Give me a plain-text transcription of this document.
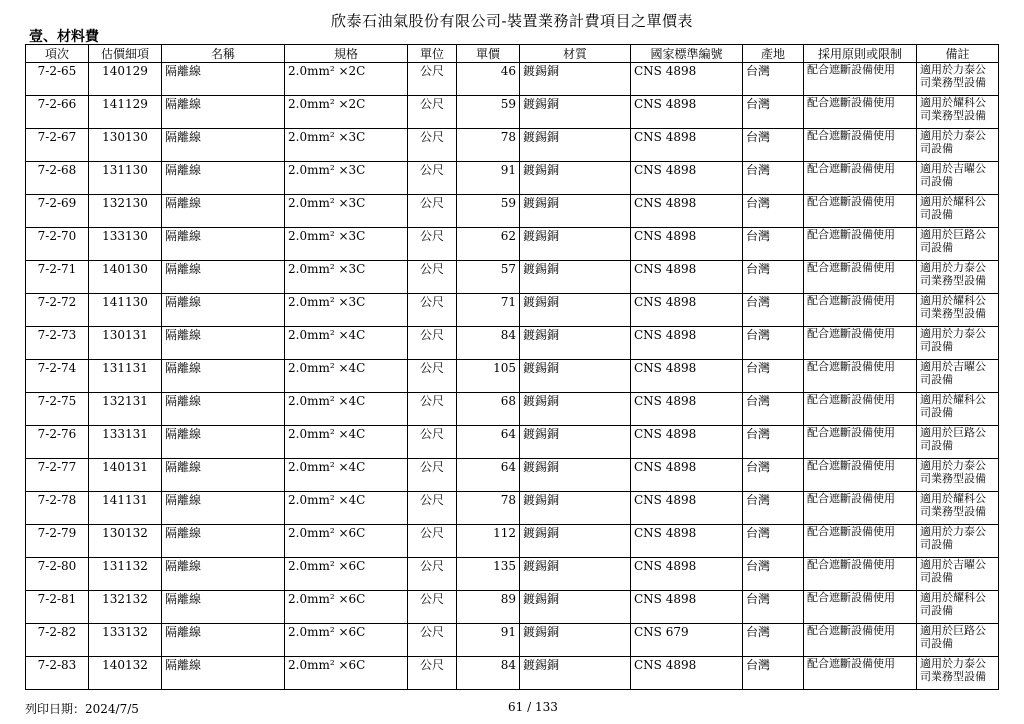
欣泰石油氣股份有限公司-裝置業務計費項目之單價表
壹、材料費
項次	估價細項	名稱	規格	單位	單價	材質	國家標準編號	產地	採用原則或限制	備註
7-2-65	140129	隔離線	2.0mm² ×2C	公尺	46	鍍錫銅	CNS 4898	台灣	配合遮斷設備使用	適用於力泰公司業務型設備
7-2-66	141129	隔離線	2.0mm² ×2C	公尺	59	鍍錫銅	CNS 4898	台灣	配合遮斷設備使用	適用於耀科公司業務型設備
7-2-67	130130	隔離線	2.0mm² ×3C	公尺	78	鍍錫銅	CNS 4898	台灣	配合遮斷設備使用	適用於力泰公司設備
7-2-68	131130	隔離線	2.0mm² ×3C	公尺	91	鍍錫銅	CNS 4898	台灣	配合遮斷設備使用	適用於吉曜公司設備
7-2-69	132130	隔離線	2.0mm² ×3C	公尺	59	鍍錫銅	CNS 4898	台灣	配合遮斷設備使用	適用於耀科公司設備
7-2-70	133130	隔離線	2.0mm² ×3C	公尺	62	鍍錫銅	CNS 4898	台灣	配合遮斷設備使用	適用於巨路公司設備
7-2-71	140130	隔離線	2.0mm² ×3C	公尺	57	鍍錫銅	CNS 4898	台灣	配合遮斷設備使用	適用於力泰公司業務型設備
7-2-72	141130	隔離線	2.0mm² ×3C	公尺	71	鍍錫銅	CNS 4898	台灣	配合遮斷設備使用	適用於耀科公司業務型設備
7-2-73	130131	隔離線	2.0mm² ×4C	公尺	84	鍍錫銅	CNS 4898	台灣	配合遮斷設備使用	適用於力泰公司設備
7-2-74	131131	隔離線	2.0mm² ×4C	公尺	105	鍍錫銅	CNS 4898	台灣	配合遮斷設備使用	適用於吉曜公司設備
7-2-75	132131	隔離線	2.0mm² ×4C	公尺	68	鍍錫銅	CNS 4898	台灣	配合遮斷設備使用	適用於耀科公司設備
7-2-76	133131	隔離線	2.0mm² ×4C	公尺	64	鍍錫銅	CNS 4898	台灣	配合遮斷設備使用	適用於巨路公司設備
7-2-77	140131	隔離線	2.0mm² ×4C	公尺	64	鍍錫銅	CNS 4898	台灣	配合遮斷設備使用	適用於力泰公司業務型設備
7-2-78	141131	隔離線	2.0mm² ×4C	公尺	78	鍍錫銅	CNS 4898	台灣	配合遮斷設備使用	適用於耀科公司業務型設備
7-2-79	130132	隔離線	2.0mm² ×6C	公尺	112	鍍錫銅	CNS 4898	台灣	配合遮斷設備使用	適用於力泰公司設備
7-2-80	131132	隔離線	2.0mm² ×6C	公尺	135	鍍錫銅	CNS 4898	台灣	配合遮斷設備使用	適用於吉曜公司設備
7-2-81	132132	隔離線	2.0mm² ×6C	公尺	89	鍍錫銅	CNS 4898	台灣	配合遮斷設備使用	適用於耀科公司設備
7-2-82	133132	隔離線	2.0mm² ×6C	公尺	91	鍍錫銅	CNS 679	台灣	配合遮斷設備使用	適用於巨路公司設備
7-2-83	140132	隔離線	2.0mm² ×6C	公尺	84	鍍錫銅	CNS 4898	台灣	配合遮斷設備使用	適用於力泰公司業務型設備
列印日期：2024/7/5	61 / 133
